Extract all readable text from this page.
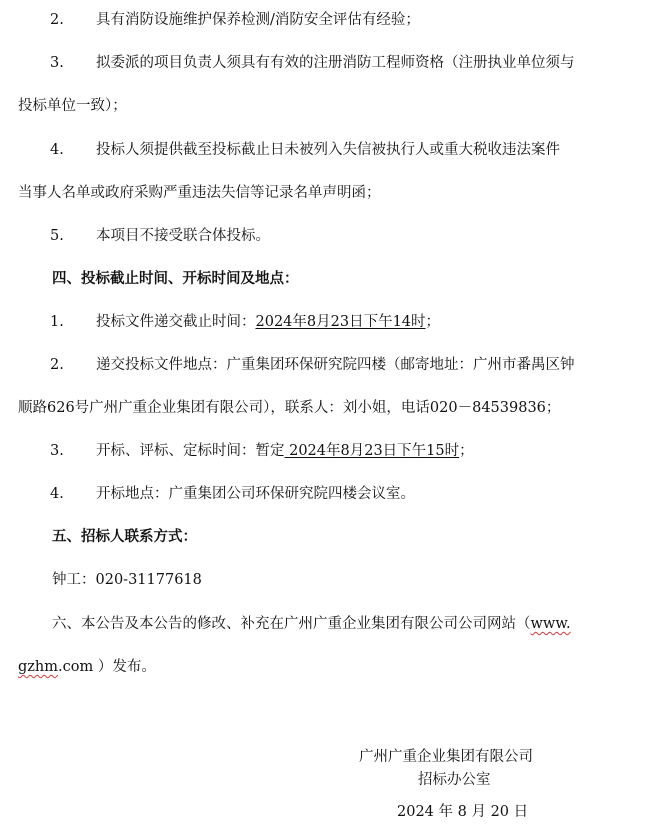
2. 具有消防设施维护保养检测/消防安全评估有经验；
3. 拟委派的项目负责人须具有有效的注册消防工程师资格（注册执业单位须与
投标单位一致）；
4. 投标人须提供截至投标截止日未被列入失信被执行人或重大税收违法案件
当事人名单或政府采购严重违法失信等记录名单声明函；
5. 本项目不接受联合体投标。
四、投标截止时间、开标时间及地点：
1. 投标文件递交截止时间：2024年8月23日下午14时；
2. 递交投标文件地点：广重集团环保研究院四楼（邮寄地址：广州市番禺区钟
顺路626号广州广重企业集团有限公司），联系人：刘小姐，电话020－84539836；
3. 开标、评标、定标时间：暂定 2024年8月23日下午15时；
4. 开标地点：广重集团公司环保研究院四楼会议室。
五、招标人联系方式：
钟工：020-31177618
六、本公告及本公告的修改、补充在广州广重企业集团有限公司公司网站（www.
gzhm.com ）发布。
广州广重企业集团有限公司
招标办公室
2024 年 8 月 20 日
